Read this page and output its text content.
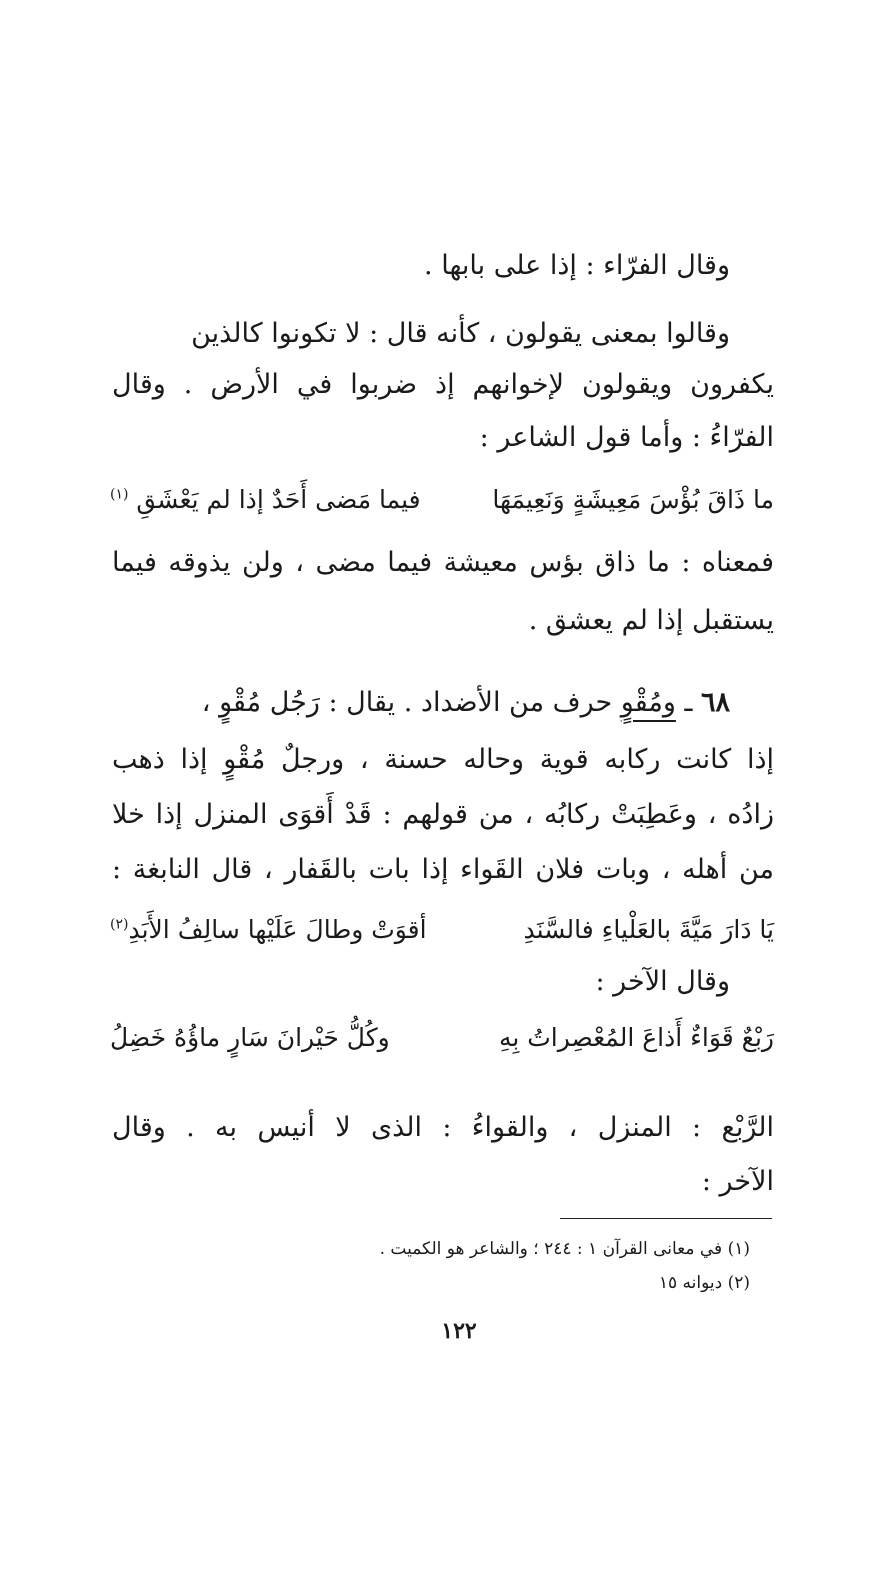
وقال الفرّاء : إذا على بابها .
وقالوا بمعنى يقولون ، كأنه قال : لا تكونوا كالذين
يكفرون ويقولون لإخوانهم إذ ضربوا في الأرض . وقال
الفرّاءُ : وأما قول الشاعر :
ما ذَاقَ بُؤْسَ مَعِيشَةٍ وَنَعِيمَهَا
فيما مَضى أَحَدٌ إذا لم يَعْشَقِ $^{(١)}$
فمعناه : ما ذاق بؤس معيشة فيما مضى ، ولن يذوقه فيما
يستقبل إذا لم يعشق .
٦٨ ـ ومُقْوٍ حرف من الأضداد . يقال : رَجُل مُقْوٍ ،
إذا كانت ركابه قوية وحاله حسنة ، ورجلٌ مُقْوٍ إذا ذهب
زادُه ، وعَطِبَتْ ركابُه ، من قولهم : قَدْ أَقوَى المنزل إذا خلا
من أهله ، وبات فلان القَواء إذا بات بالقَفار ، قال النابغة :
يَا دَارَ مَيَّةَ بالعَلْياءِ فالسَّنَدِ
أقوَتْ وطالَ عَلَيْها سالِفُ الأَبَدِ$^{(٢)}$
وقال الآخر :
رَبْعٌ قَوَاءٌ أَذاعَ المُعْصِراتُ بِهِ
وكُلُّ حَيْرانَ سَارٍ ماؤُهُ خَضِلُ
الرَّبْع : المنزل ، والقواءُ : الذى لا أنيس به . وقال
الآخر :
(١) في معانى القرآن ١ : ٢٤٤ ؛ والشاعر هو الكميت .
(٢) ديوانه ١٥
١٢٢
